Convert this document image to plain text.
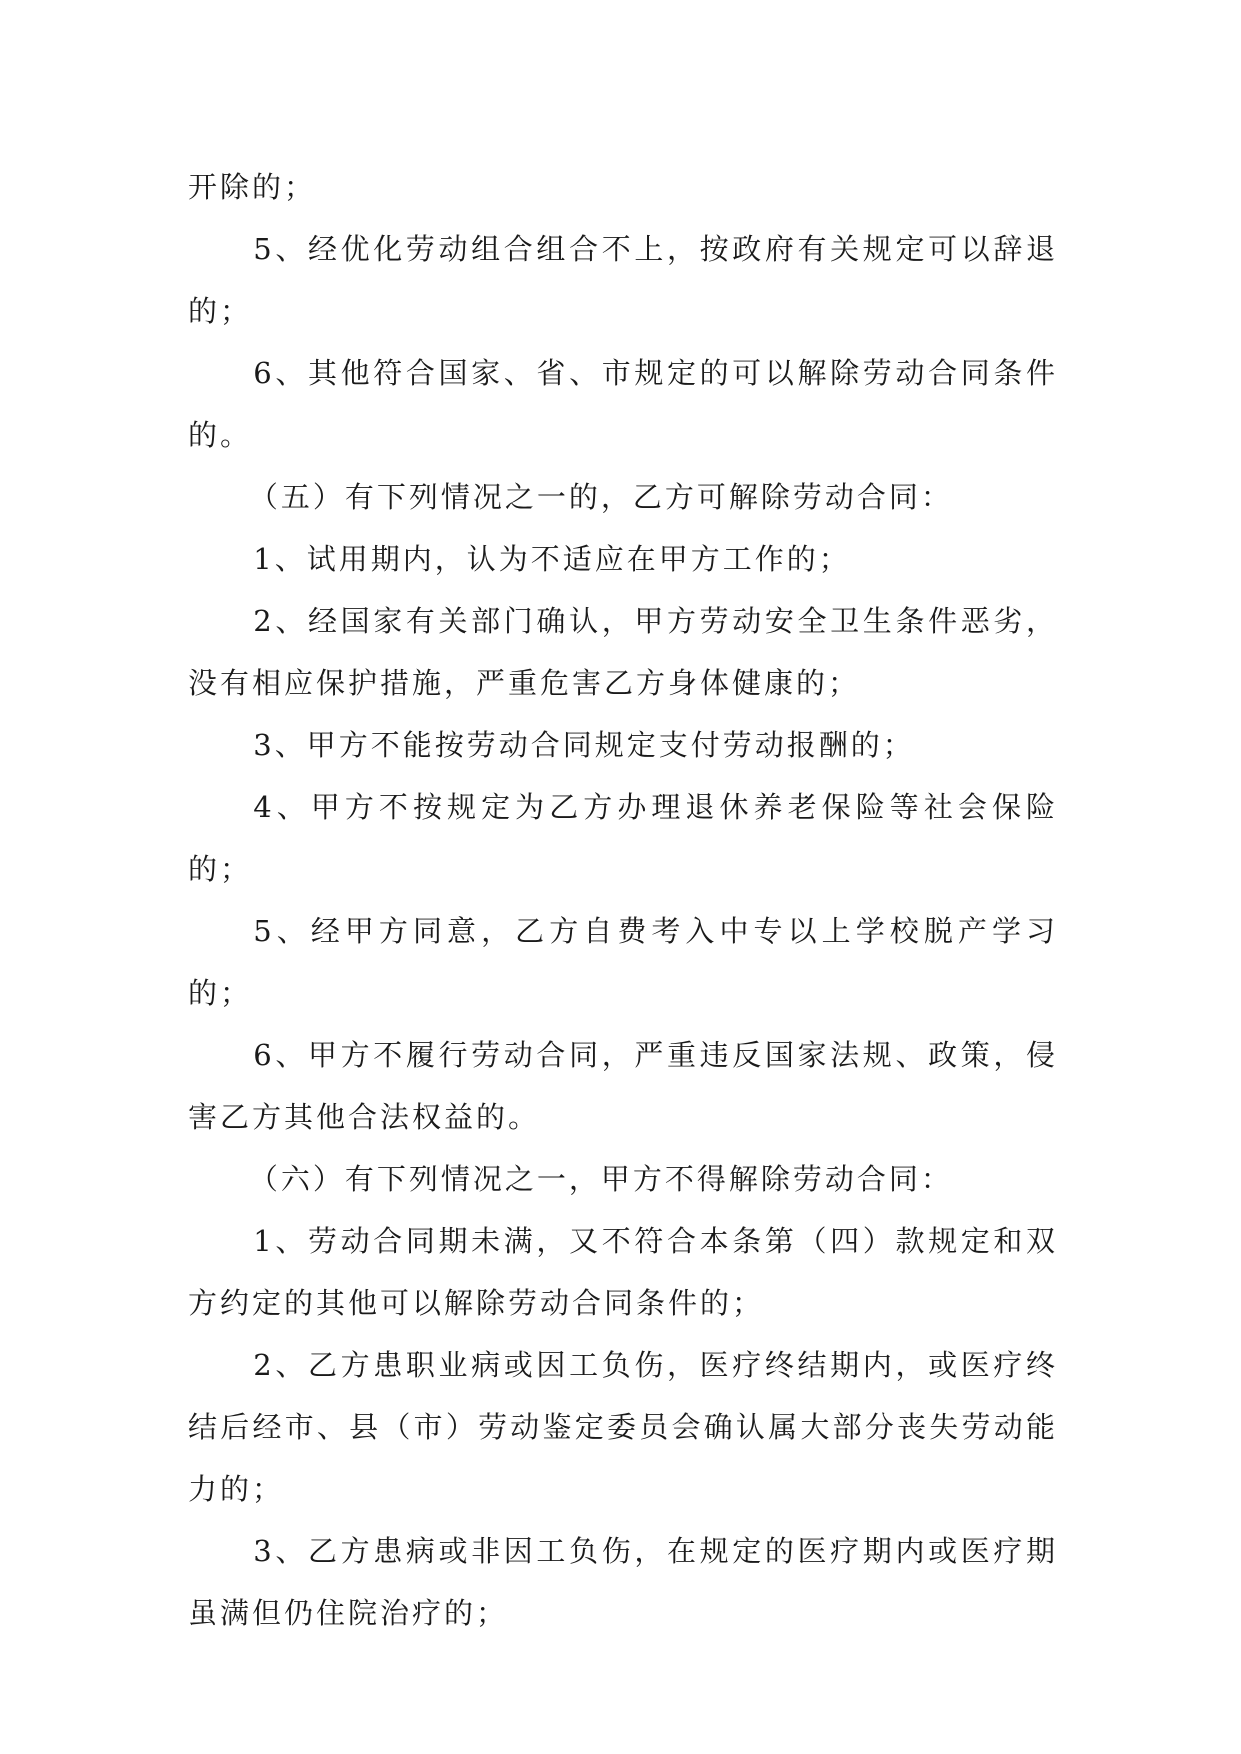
开除的；

5、经优化劳动组合组合不上，按政府有关规定可以辞退的；

6、其他符合国家、省、市规定的可以解除劳动合同条件的。

（五）有下列情况之一的，乙方可解除劳动合同：

1、试用期内，认为不适应在甲方工作的；

2、经国家有关部门确认，甲方劳动安全卫生条件恶劣，没有相应保护措施，严重危害乙方身体健康的；

3、甲方不能按劳动合同规定支付劳动报酬的；

4、甲方不按规定为乙方办理退休养老保险等社会保险的；

5、经甲方同意，乙方自费考入中专以上学校脱产学习的；

6、甲方不履行劳动合同，严重违反国家法规、政策，侵害乙方其他合法权益的。

（六）有下列情况之一，甲方不得解除劳动合同：

1、劳动合同期未满，又不符合本条第（四）款规定和双方约定的其他可以解除劳动合同条件的；

2、乙方患职业病或因工负伤，医疗终结期内，或医疗终结后经市、县（市）劳动鉴定委员会确认属大部分丧失劳动能力的；

3、乙方患病或非因工负伤，在规定的医疗期内或医疗期虽满但仍住院治疗的；
